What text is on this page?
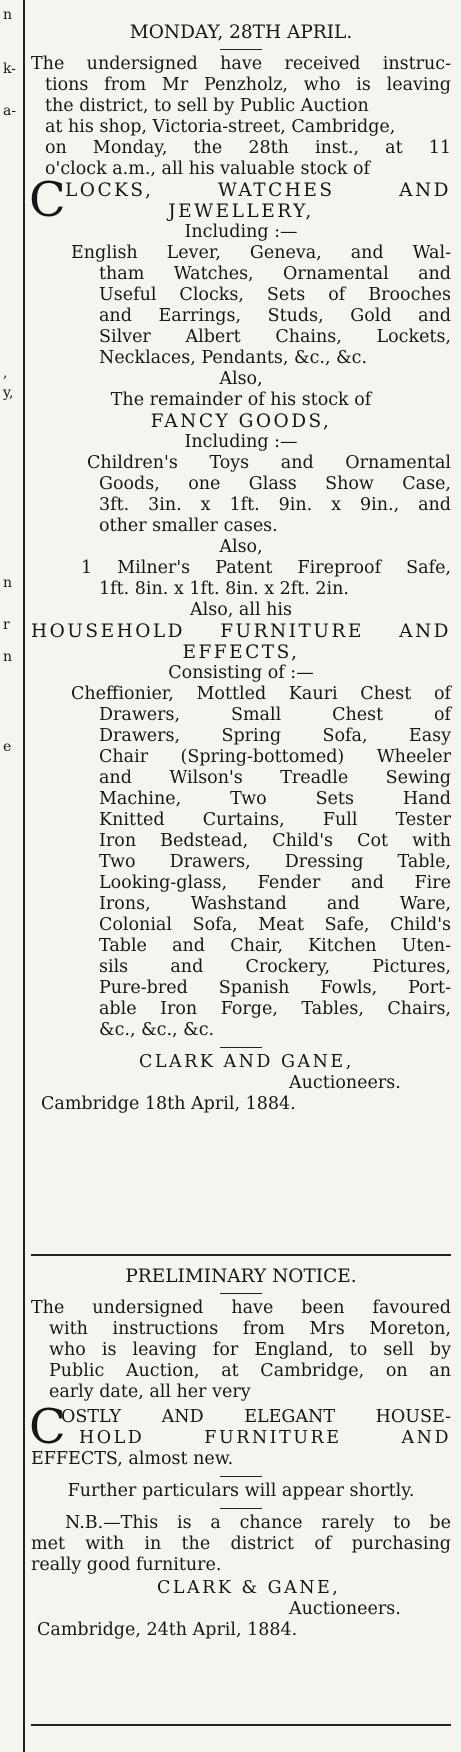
n
k-
a-
,
y,
n
r
n
e
MONDAY, 28TH APRIL.
The undersigned have received instruc-
tions from Mr Penzholz, who is leaving
the district, to sell by Public Auction
at his shop, Victoria-street, Cambridge,
on Monday, the 28th inst., at 11
o'clock a.m., all his valuable stock of
C LOCKS, WATCHES AND
JEWELLERY,
Including :—
English Lever, Geneva, and Wal-
tham Watches, Ornamental and
Useful Clocks, Sets of Brooches
and Earrings, Studs, Gold and
Silver Albert Chains, Lockets,
Necklaces, Pendants, &c., &c.
Also,
The remainder of his stock of
FANCY GOODS,
Including :—
Children's Toys and Ornamental
Goods, one Glass Show Case,
3ft. 3in. x 1ft. 9in. x 9in., and
other smaller cases.
Also,
1 Milner's Patent Fireproof Safe,
1ft. 8in. x 1ft. 8in. x 2ft. 2in.
Also, all his
HOUSEHOLD FURNITURE AND
EFFECTS,
Consisting of :—
Cheffionier, Mottled Kauri Chest of
Drawers, Small Chest of
Drawers, Spring Sofa, Easy
Chair (Spring-bottomed) Wheeler
and Wilson's Treadle Sewing
Machine, Two Sets Hand
Knitted Curtains, Full Tester
Iron Bedstead, Child's Cot with
Two Drawers, Dressing Table,
Looking-glass, Fender and Fire
Irons, Washstand and Ware,
Colonial Sofa, Meat Safe, Child's
Table and Chair, Kitchen Uten-
sils and Crockery, Pictures,
Pure-bred Spanish Fowls, Port-
able Iron Forge, Tables, Chairs,
&c., &c., &c.
CLARK AND GANE,
Auctioneers.
Cambridge 18th April, 1884.
PRELIMINARY NOTICE.
The undersigned have been favoured
with instructions from Mrs Moreton,
who is leaving for England, to sell by
Public Auction, at Cambridge, on an
early date, all her very
C
OSTLY AND ELEGANT HOUSE-
HOLD FURNITURE AND
EFFECTS, almost new.
Further particulars will appear shortly.
N.B.—This is a chance rarely to be
met with in the district of purchasing
really good furniture.
CLARK & GANE,
Auctioneers.
Cambridge, 24th April, 1884.
